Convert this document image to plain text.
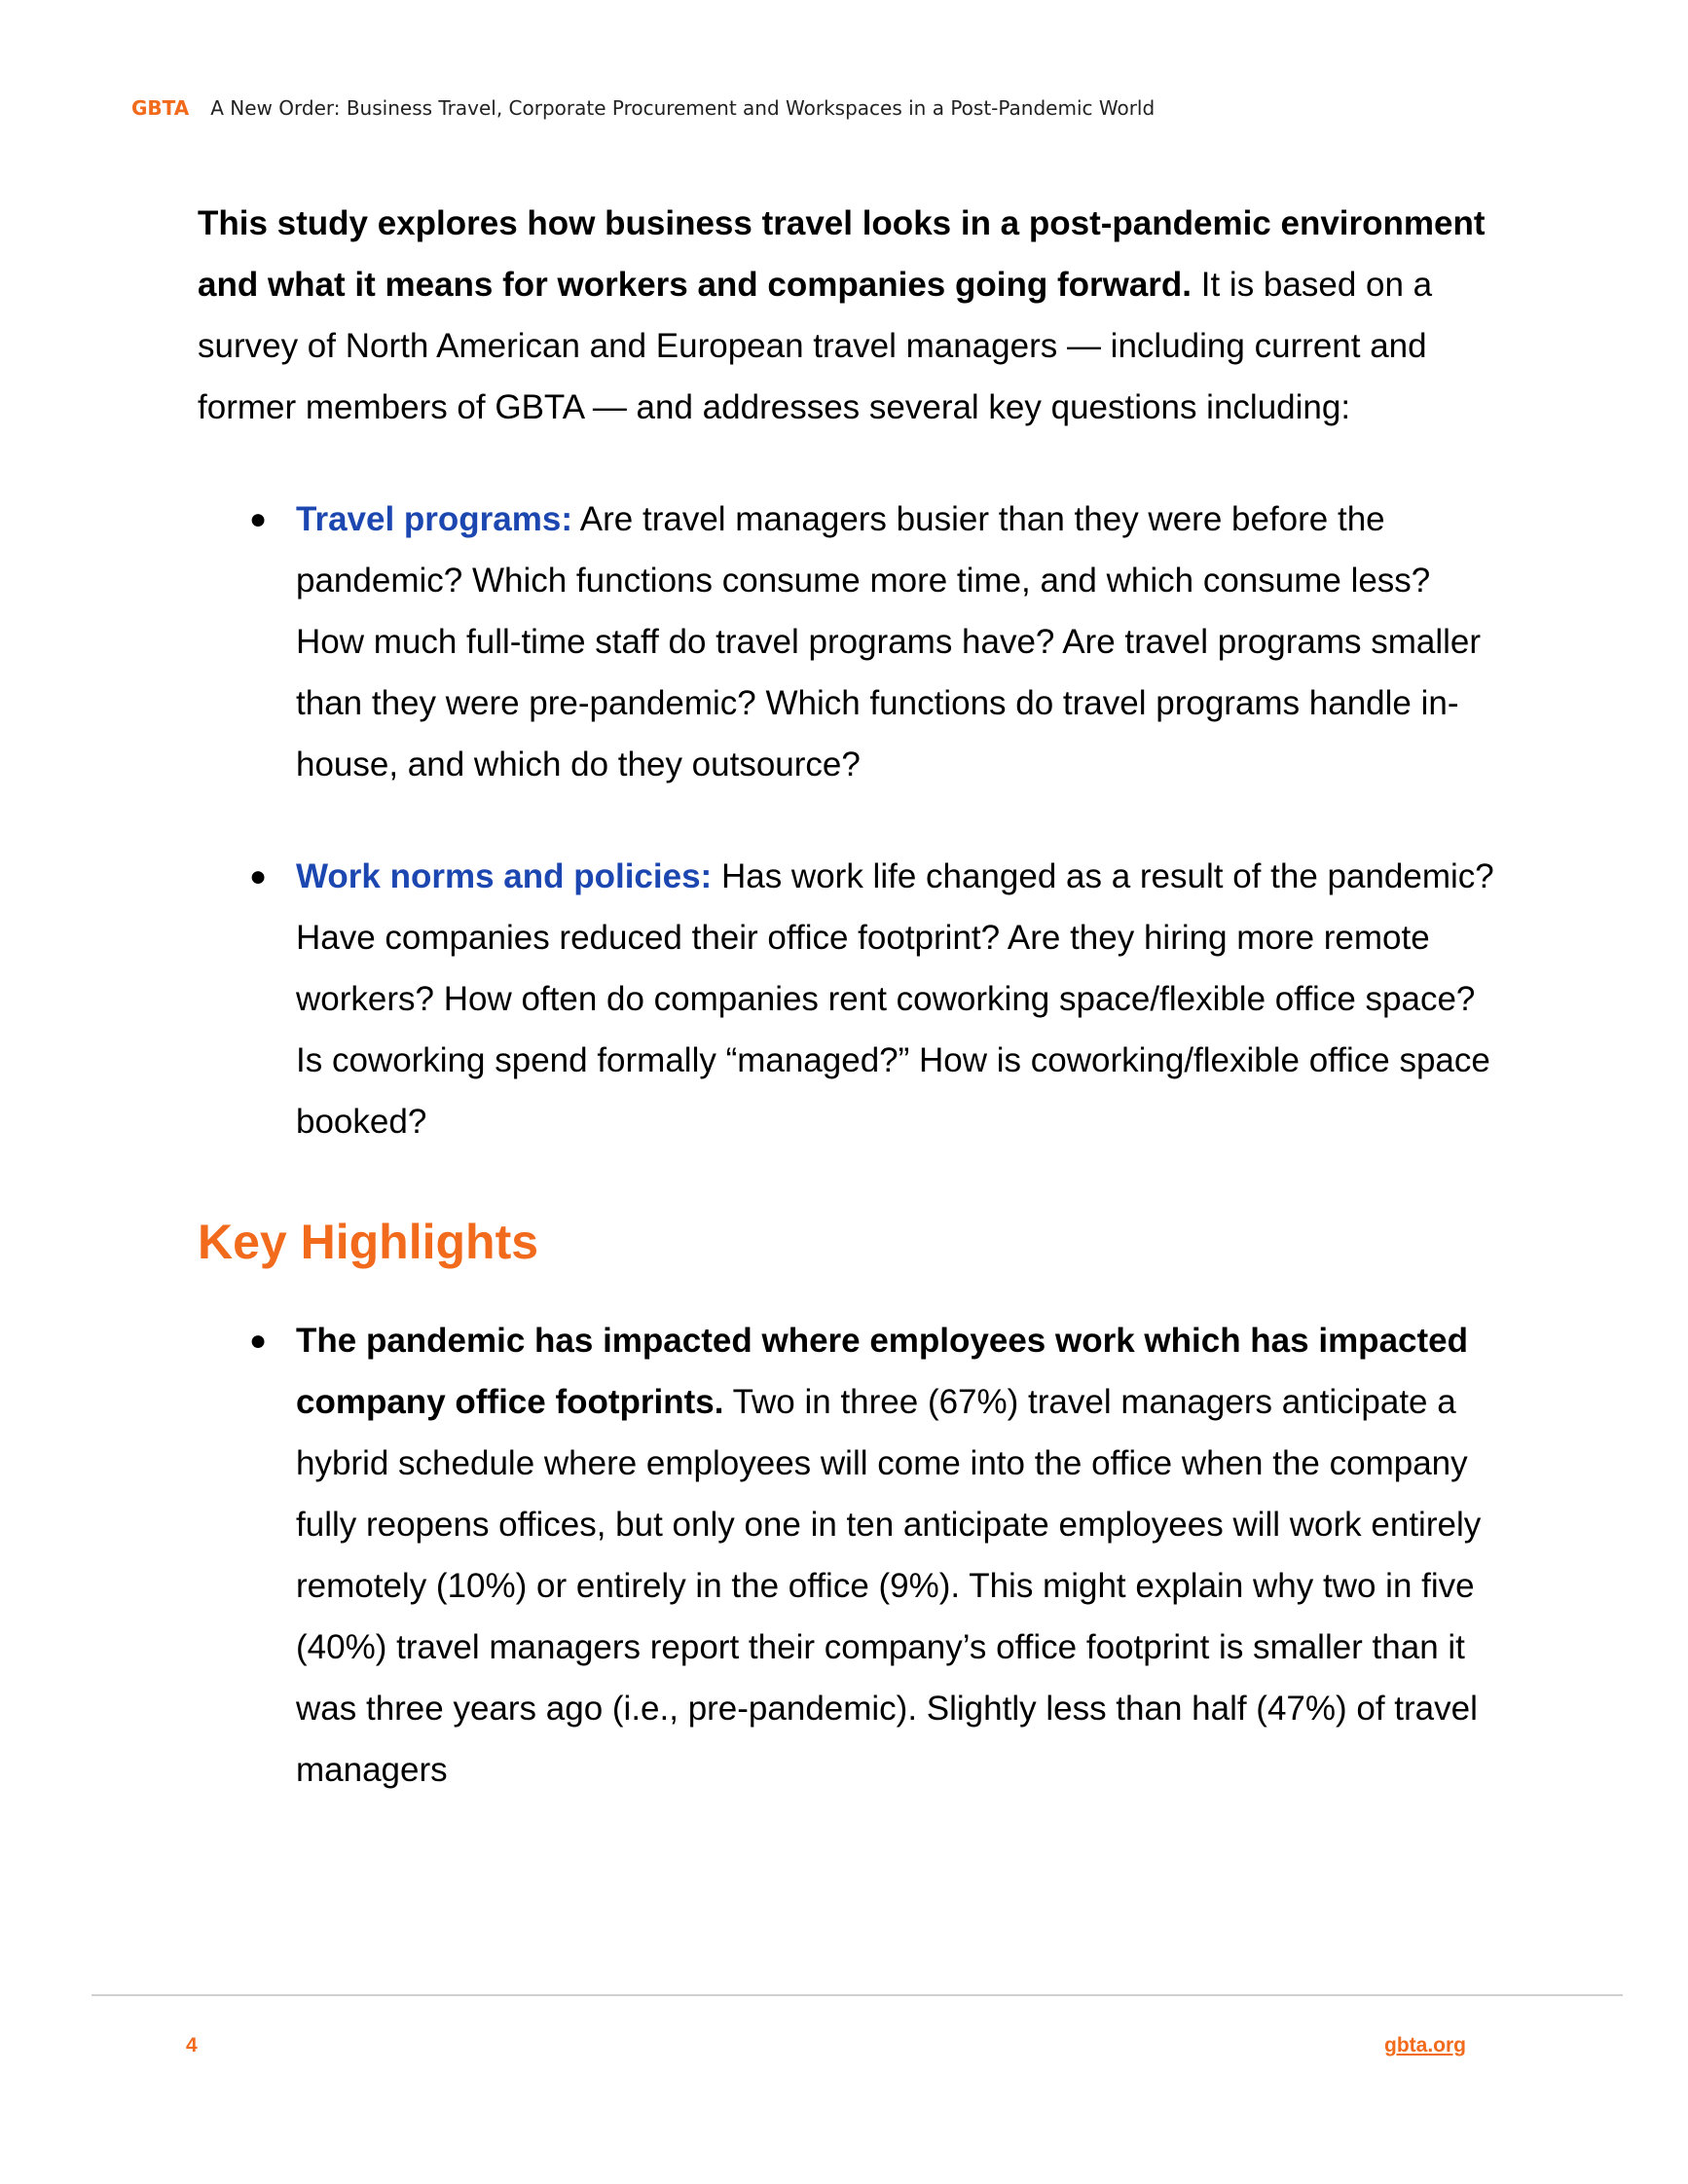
GBTA A New Order: Business Travel, Corporate Procurement and Workspaces in a Post-Pandemic World

This study explores how business travel looks in a post-pandemic environment and what it means for workers and companies going forward. It is based on a survey of North American and European travel managers — including current and former members of GBTA — and addresses several key questions including:

● Travel programs: Are travel managers busier than they were before the pandemic? Which functions consume more time, and which consume less? How much full-time staff do travel programs have? Are travel programs smaller than they were pre-pandemic? Which functions do travel programs handle in-house, and which do they outsource?
● Work norms and policies: Has work life changed as a result of the pandemic? Have companies reduced their office footprint? Are they hiring more remote workers? How often do companies rent coworking space/flexible office space? Is coworking spend formally “managed?” How is coworking/flexible office space booked?
Key Highlights
● The pandemic has impacted where employees work which has impacted company office footprints. Two in three (67%) travel managers anticipate a hybrid schedule where employees will come into the office when the company fully reopens offices, but only one in ten anticipate employees will work entirely remotely (10%) or entirely in the office (9%). This might explain why two in five (40%) travel managers report their company’s office footprint is smaller than it was three years ago (i.e., pre-pandemic). Slightly less than half (47%) of travel managers
4	gbta.org
